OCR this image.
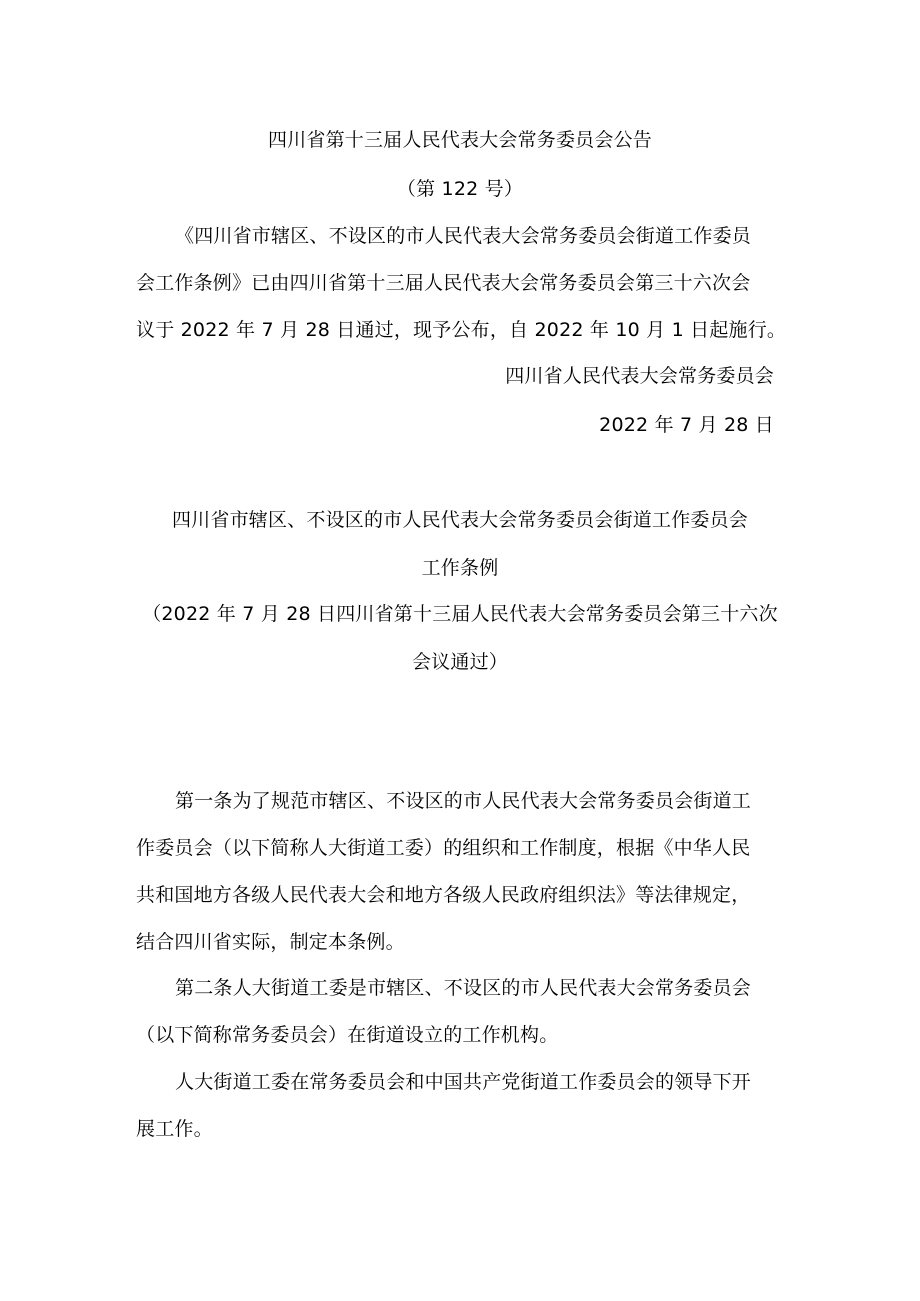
四川省第十三届人民代表大会常务委员会公告
（第 122 号）
《四川省市辖区、不设区的市人民代表大会常务委员会街道工作委员
会工作条例》已由四川省第十三届人民代表大会常务委员会第三十六次会
议于 2022 年 7 月 28 日通过，现予公布，自 2022 年 10 月 1 日起施行。
四川省人民代表大会常务委员会
2022 年 7 月 28 日
四川省市辖区、不设区的市人民代表大会常务委员会街道工作委员会
工作条例
（2022 年 7 月 28 日四川省第十三届人民代表大会常务委员会第三十六次
会议通过）
第一条为了规范市辖区、不设区的市人民代表大会常务委员会街道工
作委员会（以下简称人大街道工委）的组织和工作制度，根据《中华人民
共和国地方各级人民代表大会和地方各级人民政府组织法》等法律规定，
结合四川省实际，制定本条例。
第二条人大街道工委是市辖区、不设区的市人民代表大会常务委员会
（以下简称常务委员会）在街道设立的工作机构。
人大街道工委在常务委员会和中国共产党街道工作委员会的领导下开
展工作。
